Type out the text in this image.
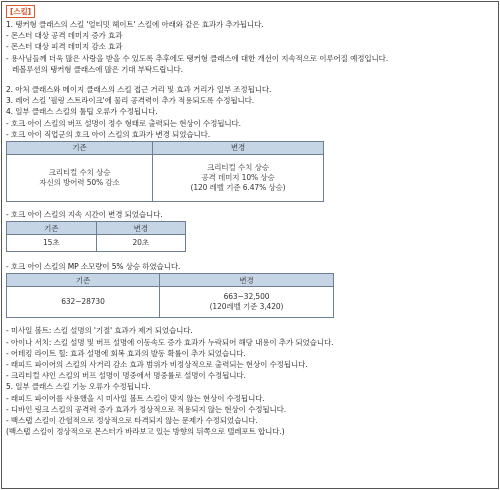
[스킬]
1. 탱커형 클래스의 스킬 '얼티밋 헤이트' 스킬에 아래와 같은 효과가 추가됩니다.
- 몬스터 대상 공격 데미지 증가 효과
- 몬스터 대상 피격 데미지 감소 효과
- 용사님들께 더욱 많은 사랑을 받을 수 있도록 추후에도 탱커형 클래스에 대한 개선이 지속적으로 이루어질 예정입니다.
레볼루션의 탱커형 클래스에 많은 기대 부탁드립니다.
2. 아처 클래스와 메이지 클래스의 스킬 접근 거리 및 효과 거리가 일부 조정됩니다.
3. 레어 스킬 '필링 스트라이크'에 물리 공격력이 추가 적용되도록 수정됩니다.
4. 일부 클래스 스킬의 툴팁 오류가 수정됩니다.
- 호크 아이 스킬의 버프 설명이 정수 형태로 출력되는 현상이 수정됩니다.
- 호크 아이 직업군의 호크 아이 스킬의 효과가 변경 되었습니다.
기존	변경

크리티컬 수치 상승
자신의 방어력 50% 감소	크리티컬 수치 상승
공격 데미지 10% 상승
(120 레벨 기준 6.47% 상승)
- 호크 아이 스킬의 지속 시간이 변경 되었습니다.
기존	변경
15초	20초
- 호크 아이 스킬의 MP 소모량이 5% 상승 하였습니다.
기존	변경
632~28730	663~32,500
(120레벨 기준 3,420)
- 미사일 볼트: 스킬 설명의 '기절' 효과가 제거 되었습니다.
- 아이나 서치: 스킬 설명 및 버프 설명에 이동속도 증가 효과가 누락되어 해당 내용이 추가 되었습니다.
- 어테킹 라이트 힐: 효과 설명에 회복 효과의 발동 확률이 추가 되었습니다.
- 래피드 파이어의 스킬의 사거리 감소 효과 범위가 비정상적으로 출력되는 현상이 수정됩니다.
- 크리티컬 샤인 스킬의 버프 설명이 명중에서 명중률로 설명이 수정됩니다.
5. 일부 클래스 스킬 기능 오류가 수정됩니다.
- 래피드 파이어를 사용했을 시 미사일 볼트 스킬이 맞지 않는 현상이 수정됩니다.
- 디바인 링크 스킬의 공격력 증가 효과가 정상적으로 적용되지 않는 현상이 수정됩니다.
- 백스탭 스킬이 간헐적으로 정상적으로 타격되지 않는 문제가 수정되었습니다.
(백스탭 스킬이 정상적으로 몬스터가 바라보고 있는 방향의 뒤쪽으로 텔레포트 합니다.)
